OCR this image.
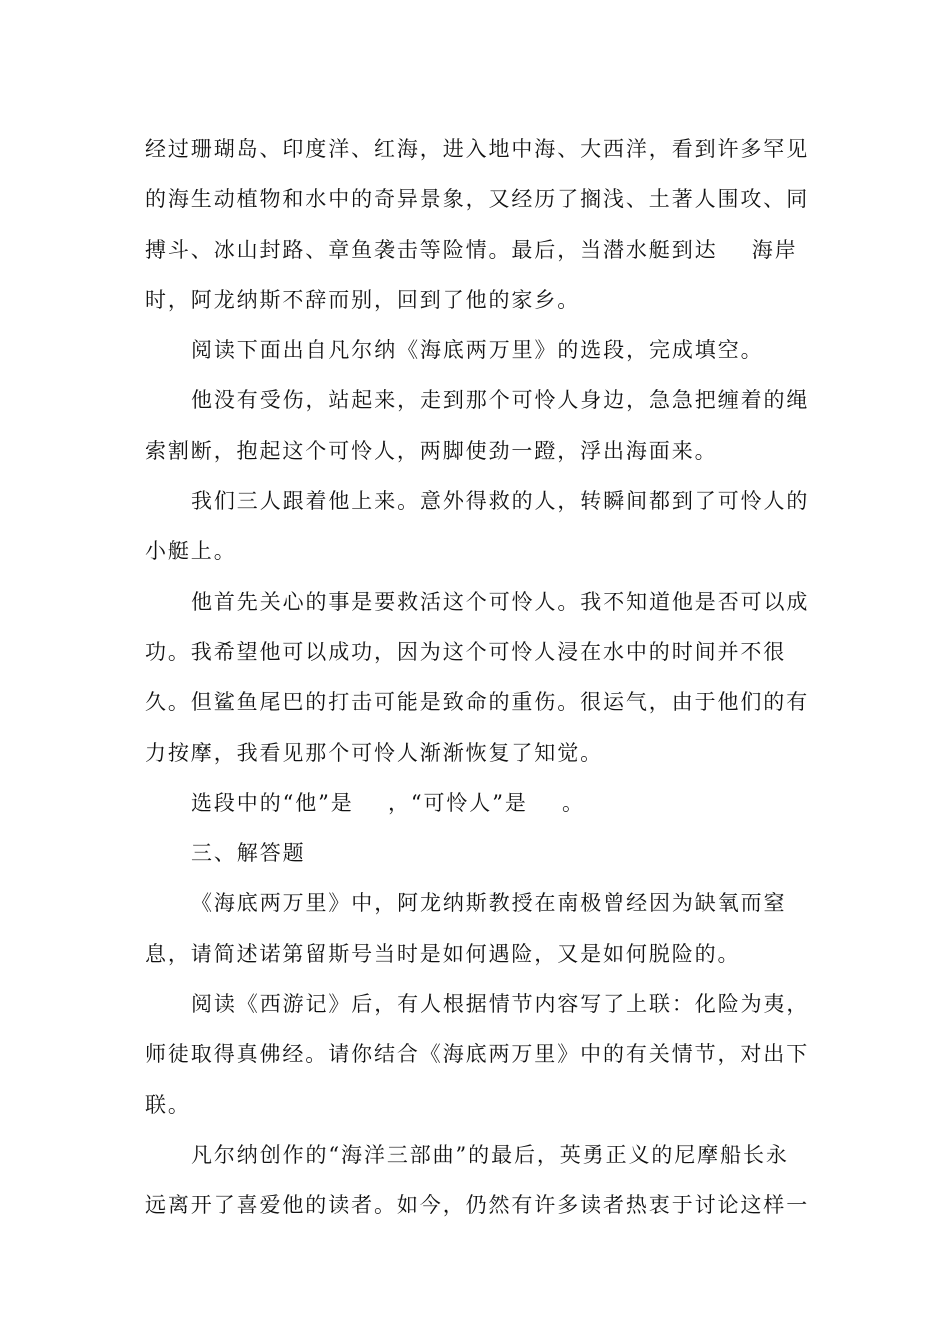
经过珊瑚岛、印度洋、红海，进入地中海、大西洋，看到许多罕见
的海生动植物和水中的奇异景象，又经历了搁浅、土著人围攻、同
搏斗、冰山封路、章鱼袭击等险情。最后，当潜水艇到达    海岸
时，阿龙纳斯不辞而别，回到了他的家乡。
阅读下面出自凡尔纳《海底两万里》的选段，完成填空。
他没有受伤，站起来，走到那个可怜人身边，急急把缠着的绳
索割断，抱起这个可怜人，两脚使劲一蹬，浮出海面来。
我们三人跟着他上来。意外得救的人，转瞬间都到了可怜人的
小艇上。
他首先关心的事是要救活这个可怜人。我不知道他是否可以成
功。我希望他可以成功，因为这个可怜人浸在水中的时间并不很
久。但鲨鱼尾巴的打击可能是致命的重伤。很运气，由于他们的有
力按摩，我看见那个可怜人渐渐恢复了知觉。
选段中的“他”是    ，“可怜人”是    。
三、解答题
《海底两万里》中，阿龙纳斯教授在南极曾经因为缺氧而窒
息，请简述诺第留斯号当时是如何遇险，又是如何脱险的。
阅读《西游记》后，有人根据情节内容写了上联：化险为夷，
师徒取得真佛经。请你结合《海底两万里》中的有关情节，对出下
联。
凡尔纳创作的“海洋三部曲”的最后，英勇正义的尼摩船长永
远离开了喜爱他的读者。如今，仍然有许多读者热衷于讨论这样一
